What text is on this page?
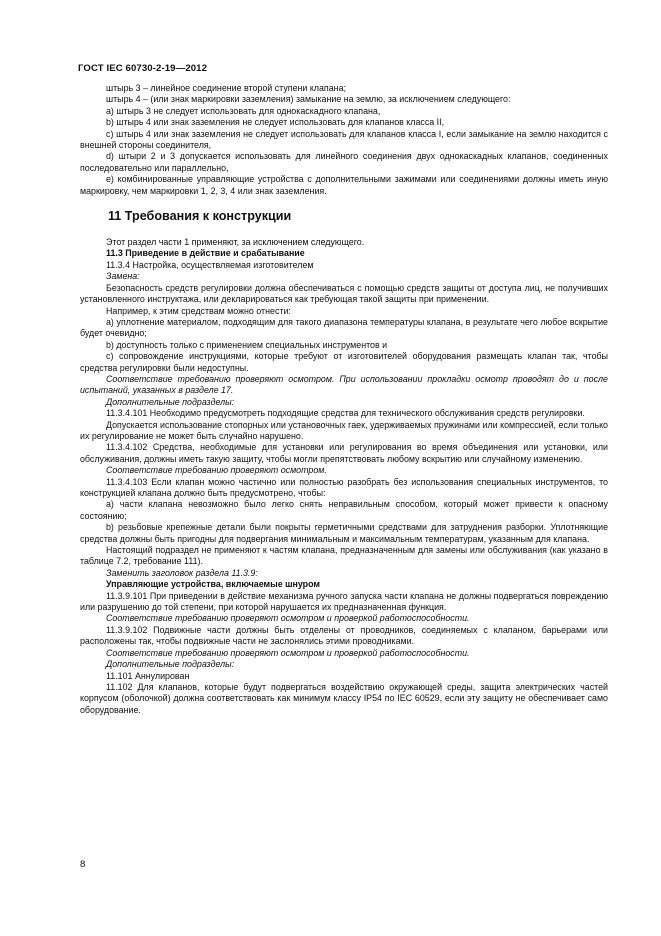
ГОСТ IEC 60730-2-19—2012

штырь 3 – линейное соединение второй ступени клапана;

штырь 4 – (или знак маркировки заземления) замыкание на землю, за исключением следующего:

а) штырь 3 не следует использовать для однокаскадного клапана,

b) штырь 4 или знак заземления не следует использовать для клапанов класса II,

с) штырь 4 или знак заземления не следует использовать для клапанов класса I, если замыкание на землю находится с внешней стороны соединителя,

d) штыри 2 и 3 допускается использовать для линейного соединения двух однокаскадных клапанов, соединенных последовательно или параллельно,

е) комбинированные управляющие устройства с дополнительными зажимами или соединениями должны иметь иную маркировку, чем маркировки 1, 2, 3, 4 или знак заземления.

11 Требования к конструкции

Этот раздел части 1 применяют, за исключением следующего.

11.3 Приведение в действие и срабатывание

11.3.4 Настройка, осуществляемая изготовителем

Замена:

Безопасность средств регулировки должна обеспечиваться с помощью средств защиты от доступа лиц, не получивших установленного инструктажа, или декларироваться как требующая такой защиты при применении.

Например, к этим средствам можно отнести:

а) уплотнение материалом, подходящим для такого диапазона температуры клапана, в результате чего любое вскрытие будет очевидно;

b) доступность только с применением специальных инструментов и

с) сопровождение инструкциями, которые требуют от изготовителей оборудования размещать клапан так, чтобы средства регулировки были недоступны.

Соответствие требованию проверяют осмотром. При использовании прокладки осмотр проводят до и после испытаний, указанных в разделе 17.

Дополнительные подразделы:

11.3.4.101 Необходимо предусмотреть подходящие средства для технического обслуживания средств регулировки.

Допускается использование стопорных или установочных гаек, удерживаемых пружинами или компрессией, если только их регулирование не может быть случайно нарушено.

11.3.4.102 Средства, необходимые для установки или регулирования во время объединения или установки, или обслуживания, должны иметь такую защиту, чтобы могли препятствовать любому вскрытию или случайному изменению.

Соответствие требованию проверяют осмотром.

11.3.4.103 Если клапан можно частично или полностью разобрать без использования специальных инструментов, то конструкцией клапана должно быть предусмотрено, чтобы:

а) части клапана невозможно было легко снять неправильным способом, который может привести к опасному состоянию;

b) резьбовые крепежные детали были покрыты герметичными средствами для затруднения разборки. Уплотняющие средства должны быть пригодны для подвергания минимальным и максимальным температурам, указанным для клапана.

Настоящий подраздел не применяют к частям клапана, предназначенным для замены или обслуживания (как указано в таблице 7.2, требование 111).

Заменить заголовок раздела 11.3.9:

Управляющие устройства, включаемые шнуром

11.3.9.101 При приведении в действие механизма ручного запуска части клапана не должны подвергаться повреждению или разрушению до той степени, при которой нарушается их предназначенная функция.

Соответствие требованию проверяют осмотром и проверкой работоспособности.

11.3.9.102 Подвижные части должны быть отделены от проводников, соединяемых с клапаном, барьерами или расположены так, чтобы подвижные части не заслонялись этими проводниками.

Соответствие требованию проверяют осмотром и проверкой работоспособности.

Дополнительные подразделы:

11.101 Аннулирован

11.102 Для клапанов, которые будут подвергаться воздействию окружающей среды, защита электрических частей корпусом (оболочкой) должна соответствовать как минимум классу IP54 по IEC 60529, если эту защиту не обеспечивает само оборудование.

8
